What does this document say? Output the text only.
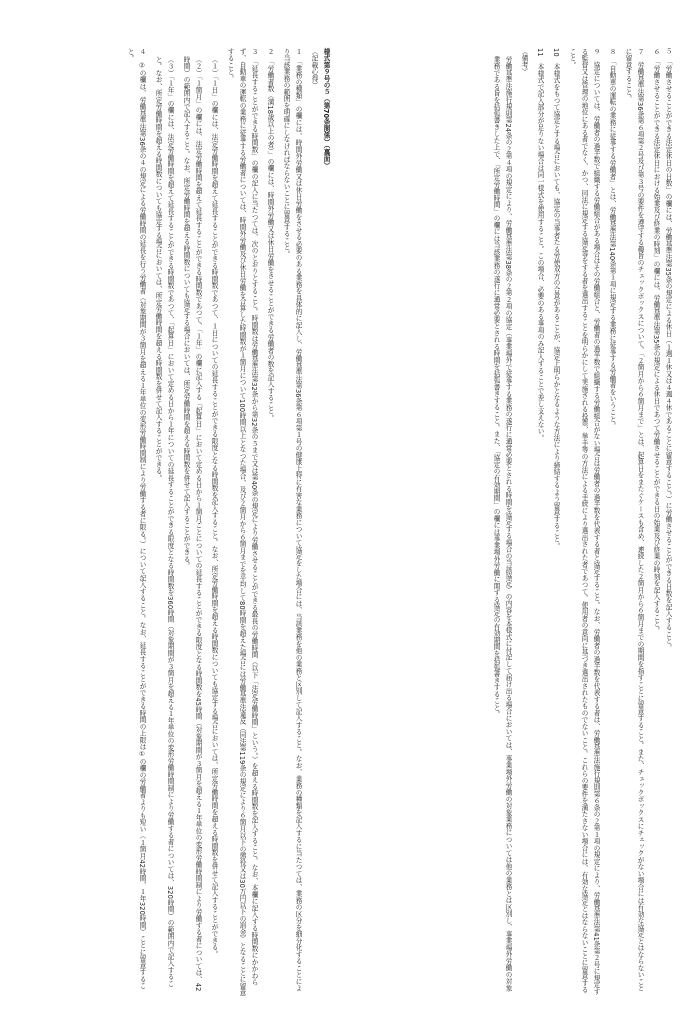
様式第９号の５（第70条関係）（裏面）

（記載心得）

１　「業務の種類」の欄には、時間外労働又は休日労働をさせる必要のある業務を具体的に記入し、労働基準法第36条第６項第１号の健康上特に有害な業務について協定をした場合には、当該業務を他の業務と区別して記入すること。なお、業務の種類を記入するに当たつては、業務の区分を細分化することにより当該業務の範囲を明確にしなければならないことに留意すること。

２　「労働者数（満18歳以上の者）」の欄には、時間外労働又は休日労働をさせることができる労働者の数を記入すること。

３　「延長することができる時間数」の欄の記入に当たつては、次のとおりとすること。時間数は労働基準法第32条から第32条の５まで又は第40条の規定により労働させることができる最長の労働時間（以下「法定労働時間」という。）を超える時間数を記入すること。なお、本欄に記入する時間数にかかわらず、自動車の運転の業務に従事する労働者については、時間外労働及び休日労働を合算した時間数が１箇月について100時間以上となつた場合、及び２箇月から６箇月までを平均して80時間を超えた場合には労働基準法違反（同法第119条の規定により６箇月以下の懲役又は30万円以下の罰金）となることに留意すること。

（１）「１日」の欄には、法定労働時間を超えて延長することができる時間数であつて、１日についての延長することができる限度となる時間数を記入すること。なお、所定労働時間を超える時間数についても協定する場合においては、所定労働時間を超える時間数を併せて記入することができる。

（２）「１箇月」の欄には、法定労働時間を超えて延長することができる時間数であつて、「１年」の欄に記入する「起算日」において定める日から１箇月ごとについての延長することができる限度となる時間数を45時間（対象期間が３箇月を超える１年単位の変形労働時間制により労働する者については、42時間）の範囲内で記入すること。なお、所定労働時間を超える時間数についても協定する場合においては、所定労働時間を超える時間数を併せて記入することができる。

（３）「１年」の欄には、法定労働時間を超えて延長することができる時間数であつて、「起算日」において定める日から１年についての延長することができる限度となる時間数を360時間（対象期間が３箇月を超える１年単位の変形労働時間制により労働する者については、320時間）の範囲内で記入すること。なお、所定労働時間を超える時間数についても協定する場合においては、所定労働時間を超える時間数を併せて記入することができる。

４　②の欄は、労働基準法第36条の４の規定による労働時間の延長を行う労働者（対象期間が３箇月を超える１年単位の変形労働時間制により労働する者に限る。）について記入すること。なお、延長することができる時間の上限は①の欄の労働者よりも短い（１箇月42時間、１年320時間）ことに留意すること。	５　「労働させることができる法定休日の日数」の欄には、労働基準法第35条の規定による休日（１週１休又は４週４休であることに留意すること。）に労働させることができる日数を記入すること。

６　「労働させることができる法定休日における始業及び終業の時刻」の欄には、労働基準法第35条の規定による休日であつて労働させることができる日の始業及び終業の時刻を記入すること。

７　労働基準法第36条第６項第２号及び第３号の要件を遵守する趣旨のチェックボックスについて、「２箇月から６箇月まで」とは、起算日をまたぐケースも含め、連続した２箇月から６箇月までの期間を指すことに留意すること。また、チェックボックスにチェックがない場合には有効な協定とはならないことに留意すること。

８　「自動車の運転の業務に従事する労働者」とは、労働基準法第140条第１項に規定する業務に従事する労働者をいうこと。

９　協定については、労働者の過半数で組織する労働組合がある場合はその労働組合と、労働者の過半数で組織する労働組合がない場合は労働者の過半数を代表する者と協定すること。なお、労働者の過半数を代表する者は、労働基準法施行規則第６条の２第１項の規定により、労働基準法第41条第２号に規定する監督又は管理の地位にある者でなく、かつ、同法に規定する協定等をする者を選出することを明らかにして実施される投票、挙手等の方法による手続により選出された者であつて、使用者の意向に基づき選出されたものでないこと。これらの要件を満たさない場合には、有効な協定とはならないことに留意すること。

10　本様式をもつて協定とする場合においても、協定の当事者たる労使双方の合意があることが、協定上明らかとなるような方法により締結するよう留意すること。

11　本様式で記入部分が足りない場合は同一様式を使用すること。この場合、必要のある事項のみ記入することで差し支えない。

（備考）

労働基準法施行規則第24条の２第４項の規定により、労働基準法第38条の２第２項の協定（事業場外で従事する業務の遂行に通常必要とされる時間を協定する場合の当該協定）の内容を本様式に付記して届け出る場合においては、事業場外労働の対象業務については他の業務とは区別し、事業場外労働の対象業務である旨を括弧書きした上で、「所定労働時間」の欄には当該業務の遂行に通常必要とされる時間を括弧書きすること。また、「協定の有効期間」の欄には事業場外労働に関する協定の有効期間を括弧書きすること。
